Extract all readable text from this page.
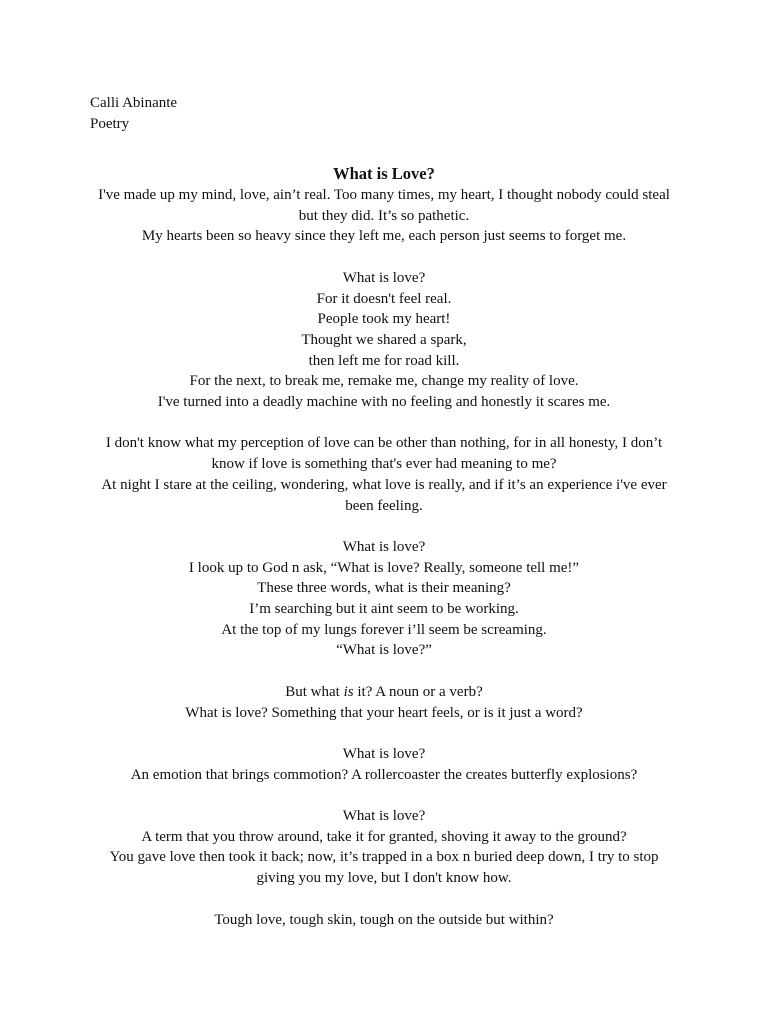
Calli Abinante
Poetry
What is Love?
I've made up my mind, love, ain’t real. Too many times, my heart, I thought nobody could steal but they did. It’s so pathetic.
My hearts been so heavy since they left me, each person just seems to forget me.
What is love?
For it doesn't feel real.
People took my heart!
Thought we shared a spark,
then left me for road kill.
For the next, to break me, remake me, change my reality of love.
I've turned into a deadly machine with no feeling and honestly it scares me.
I don't know what my perception of love can be other than nothing, for in all honesty, I don’t know if love is something that's ever had meaning to me?
At night I stare at the ceiling, wondering, what love is really, and if it’s an experience i've ever been feeling.
What is love?
I look up to God n ask, “What is love? Really, someone tell me!”
These three words, what is their meaning?
I’m searching but it aint seem to be working.
At the top of my lungs forever i’ll seem be screaming.
“What is love?”
But what is it? A noun or a verb?
What is love? Something that your heart feels, or is it just a word?
What is love?
An emotion that brings commotion? A rollercoaster the creates butterfly explosions?
What is love?
A term that you throw around, take it for granted, shoving it away to the ground?
You gave love then took it back; now, it’s trapped in a box n buried deep down, I try to stop giving you my love, but I don't know how.
Tough love, tough skin, tough on the outside but within?
